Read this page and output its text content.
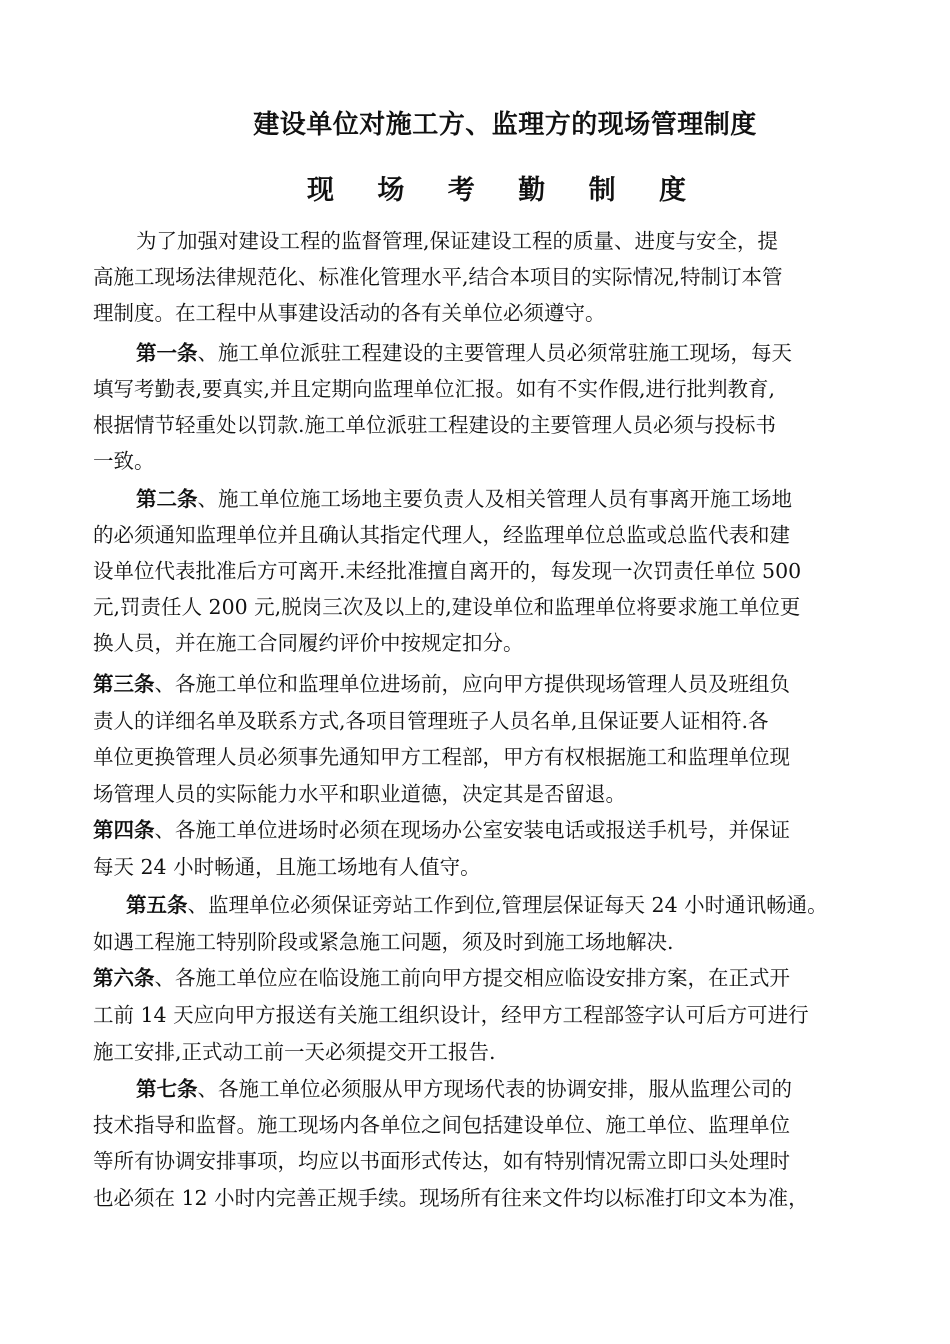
建设单位对施工方、监理方的现场管理制度
现 场 考 勤 制 度
为了加强对建设工程的监督管理,保证建设工程的质量、进度与安全，提
高施工现场法律规范化、标准化管理水平,结合本项目的实际情况,特制订本管
理制度。在工程中从事建设活动的各有关单位必须遵守。
第一条、施工单位派驻工程建设的主要管理人员必须常驻施工现场，每天
填写考勤表,要真实,并且定期向监理单位汇报。如有不实作假,进行批判教育,
根据情节轻重处以罚款.施工单位派驻工程建设的主要管理人员必须与投标书
一致。
第二条、施工单位施工场地主要负责人及相关管理人员有事离开施工场地
的必须通知监理单位并且确认其指定代理人，经监理单位总监或总监代表和建
设单位代表批准后方可离开.未经批准擅自离开的，每发现一次罚责任单位 500
元,罚责任人 200 元,脱岗三次及以上的,建设单位和监理单位将要求施工单位更
换人员，并在施工合同履约评价中按规定扣分。
第三条、各施工单位和监理单位进场前，应向甲方提供现场管理人员及班组负
责人的详细名单及联系方式,各项目管理班子人员名单,且保证要人证相符.各
单位更换管理人员必须事先通知甲方工程部，甲方有权根据施工和监理单位现
场管理人员的实际能力水平和职业道德，决定其是否留退。
第四条、各施工单位进场时必须在现场办公室安装电话或报送手机号，并保证
每天 24 小时畅通，且施工场地有人值守。
第五条、监理单位必须保证旁站工作到位,管理层保证每天 24 小时通讯畅通。
如遇工程施工特别阶段或紧急施工问题，须及时到施工场地解决.
第六条、各施工单位应在临设施工前向甲方提交相应临设安排方案，在正式开
工前 14 天应向甲方报送有关施工组织设计，经甲方工程部签字认可后方可进行
施工安排,正式动工前一天必须提交开工报告.
第七条、各施工单位必须服从甲方现场代表的协调安排，服从监理公司的
技术指导和监督。施工现场内各单位之间包括建设单位、施工单位、监理单位
等所有协调安排事项，均应以书面形式传达，如有特别情况需立即口头处理时
也必须在 12 小时内完善正规手续。现场所有往来文件均以标准打印文本为准，
